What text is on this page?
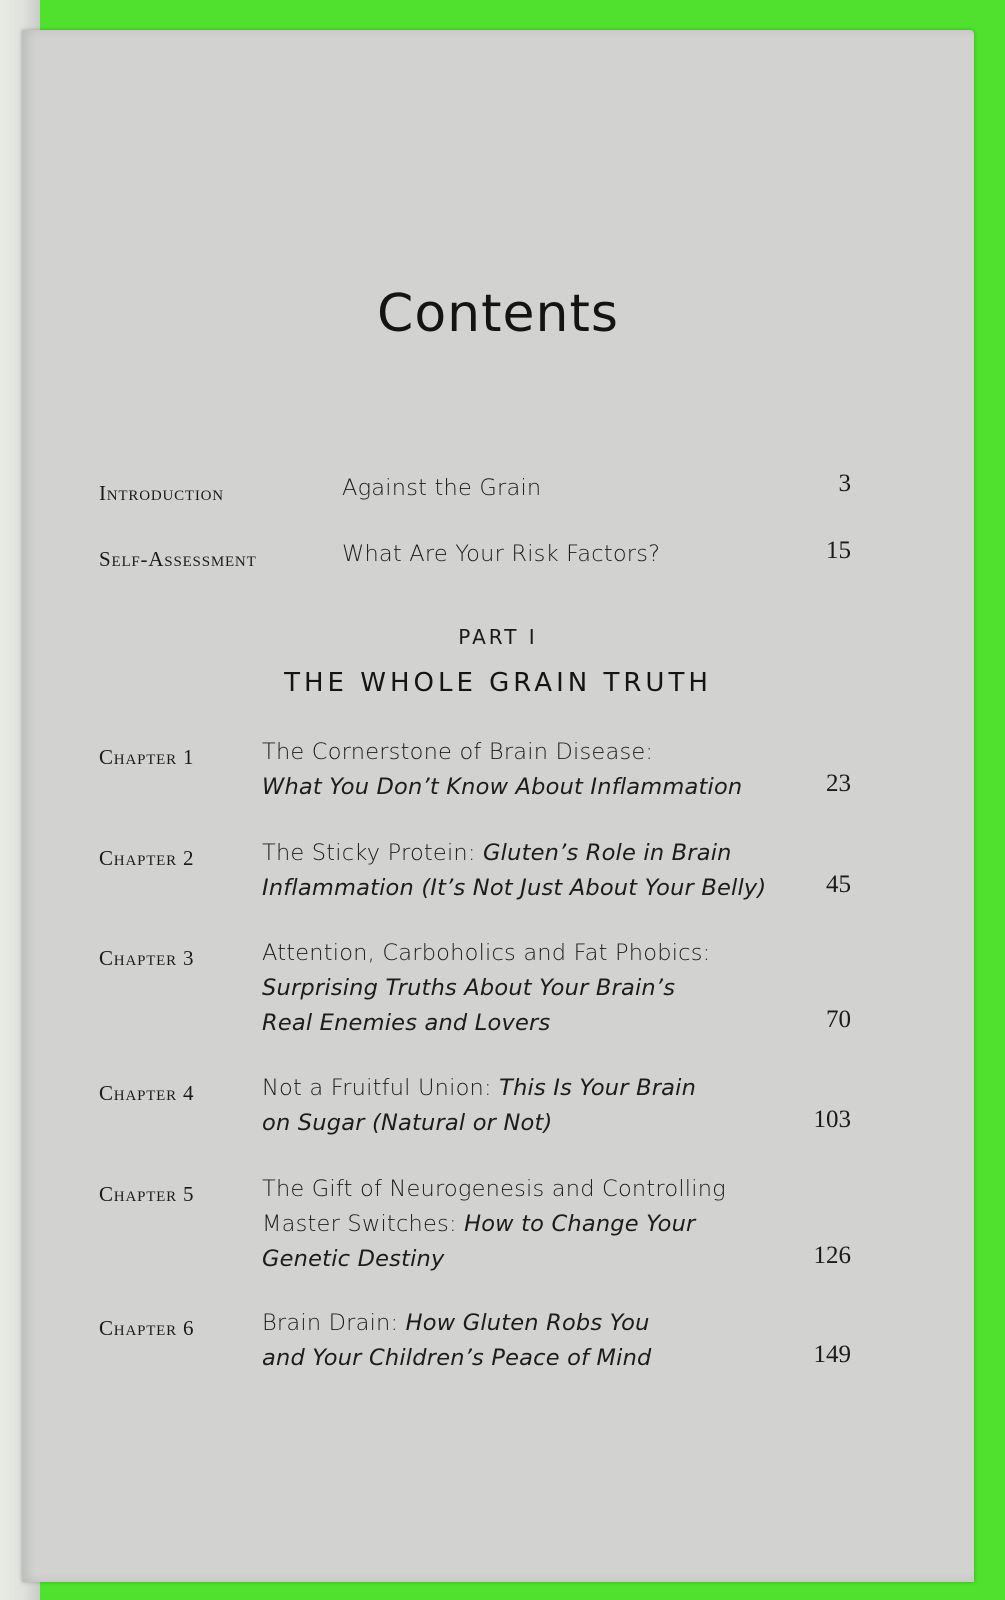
Contents
Introduction	Against the Grain	3
Self-Assessment	What Are Your Risk Factors?	15
PART I
THE WHOLE GRAIN TRUTH
Chapter 1	The Cornerstone of Brain Disease:
What You Don’t Know About Inflammation	23
Chapter 2	The Sticky Protein: Gluten’s Role in Brain
Inflammation (It’s Not Just About Your Belly) 45
Chapter 3	Attention, Carboholics and Fat Phobics:
Surprising Truths About Your Brain’s
Real Enemies and Lovers	70
Chapter 4	Not a Fruitful Union: This Is Your Brain
on Sugar (Natural or Not)	103
Chapter 5	The Gift of Neurogenesis and Controlling
Master Switches: How to Change Your
Genetic Destiny	126
Chapter 6	Brain Drain: How Gluten Robs You
and Your Children’s Peace of Mind	149
